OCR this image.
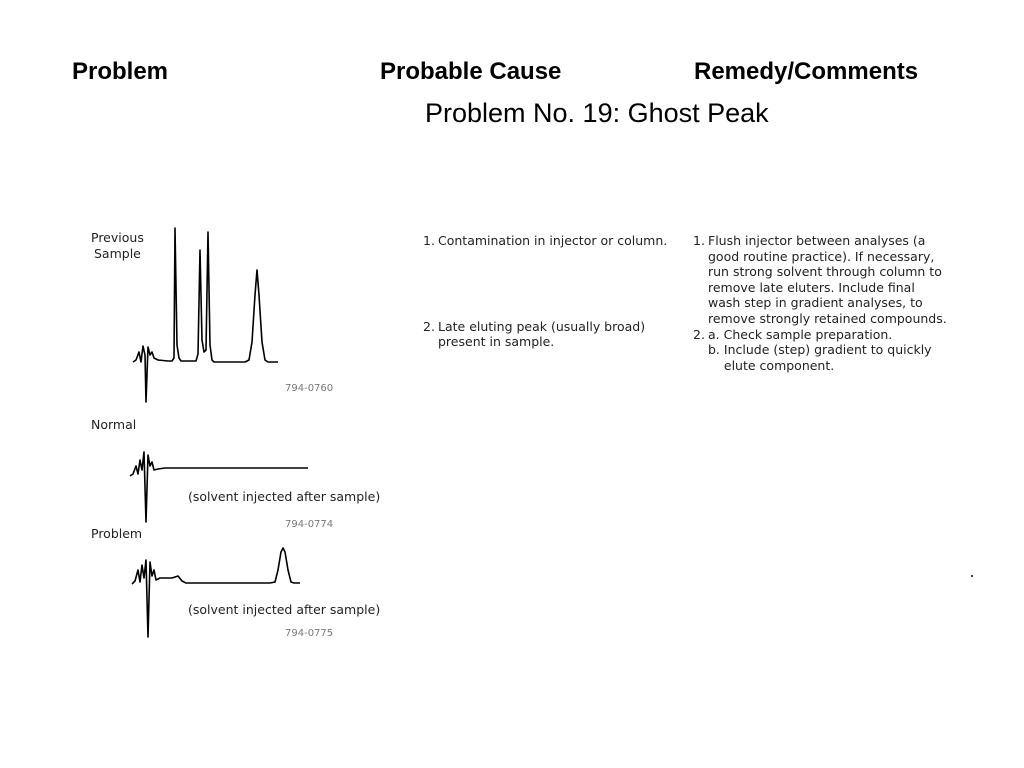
Problem	Probable Cause	Remedy/Comments
Problem No. 19: Ghost Peak
Previous
Sample
794-0760
Normal
(solvent injected after sample)
794-0774
Problem
(solvent injected after sample)
794-0775
1. Contamination in injector or column.
2. Late eluting peak (usually broad)
present in sample.
1. Flush injector between analyses (a
good routine practice). If necessary,
run strong solvent through column to
remove late eluters. Include final
wash step in gradient analyses, to
remove strongly retained compounds.
2. a. Check sample preparation.
b. Include (step) gradient to quickly
elute component.
